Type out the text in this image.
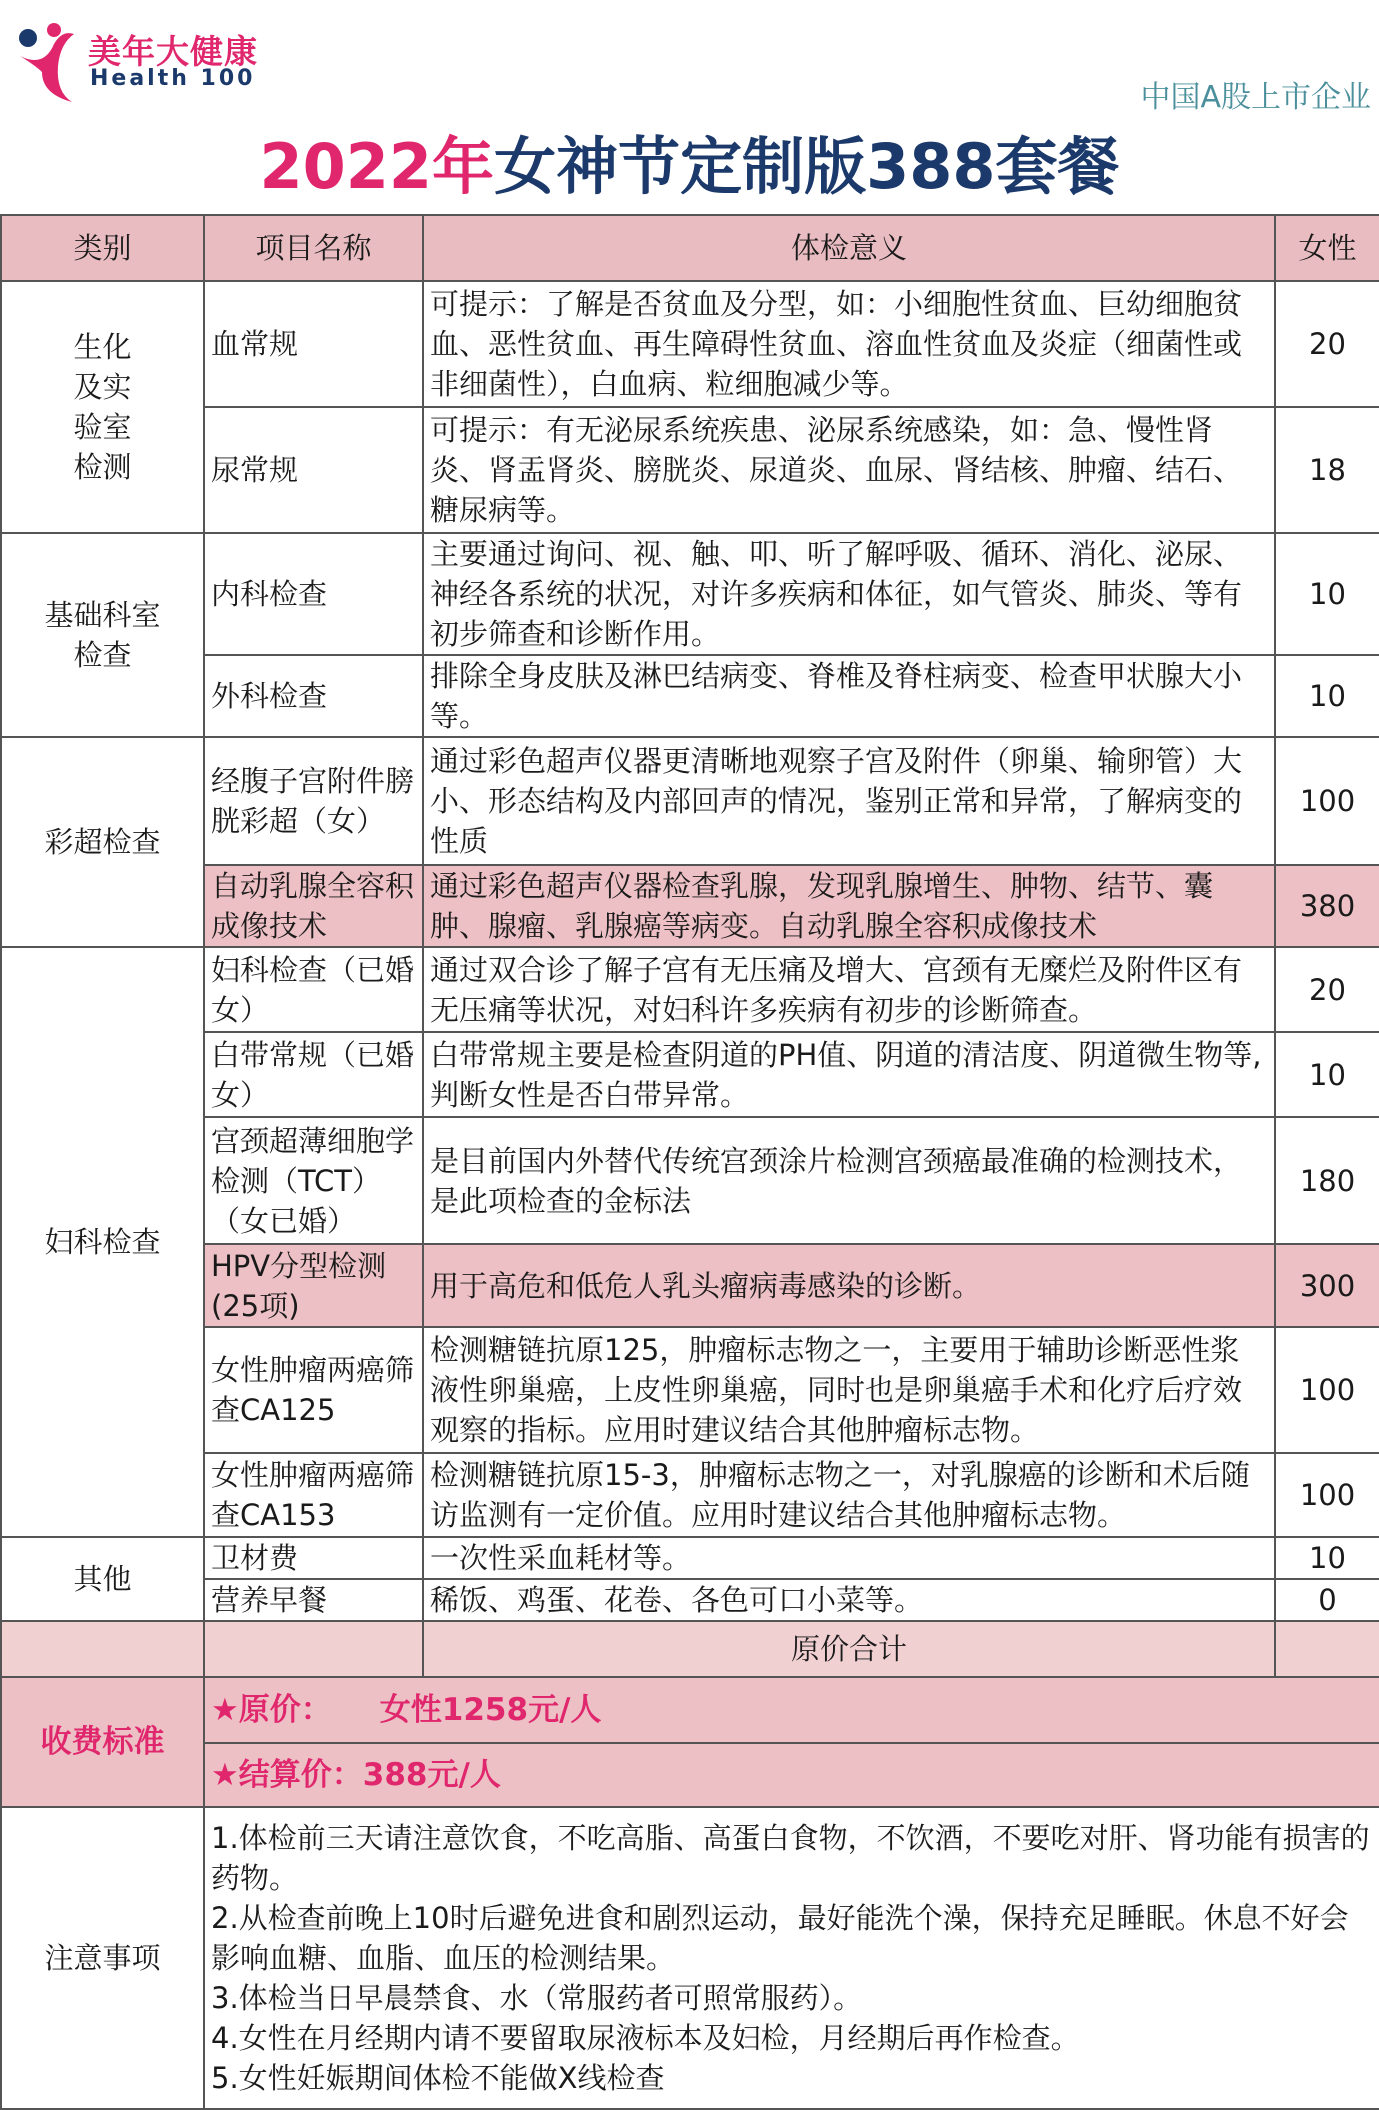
美年大健康
Health 100
中国A股上市企业
2022年女神节定制版388套餐
类别	项目名称	体检意义	女性
生化
及实
验室
检测	血常规	可提示：了解是否贫血及分型，如：小细胞性贫血、巨幼细胞贫血、恶性贫血、再生障碍性贫血、溶血性贫血及炎症（细菌性或非细菌性），白血病、粒细胞减少等。	20
	尿常规	可提示：有无泌尿系统疾患、泌尿系统感染，如：急、慢性肾炎、肾盂肾炎、膀胱炎、尿道炎、血尿、肾结核、肿瘤、结石、糖尿病等。	18
基础科室
检查	内科检查	主要通过询问、视、触、叩、听了解呼吸、循环、消化、泌尿、神经各系统的状况，对许多疾病和体征，如气管炎、肺炎、等有初步筛查和诊断作用。	10
	外科检查	排除全身皮肤及淋巴结病变、脊椎及脊柱病变、检查甲状腺大小等。	10
彩超检查	经腹子宫附件膀胱彩超（女）	通过彩色超声仪器更清晰地观察子宫及附件（卵巢、输卵管）大小、形态结构及内部回声的情况，鉴别正常和异常，了解病变的性质	100
	自动乳腺全容积成像技术	通过彩色超声仪器检查乳腺，发现乳腺增生、肿物、结节、囊肿、腺瘤、乳腺癌等病变。自动乳腺全容积成像技术	380
妇科检查	妇科检查（已婚女）	通过双合诊了解子宫有无压痛及增大、宫颈有无糜烂及附件区有无压痛等状况，对妇科许多疾病有初步的诊断筛查。	20
	白带常规（已婚女）	白带常规主要是检查阴道的PH值、阴道的清洁度、阴道微生物等,判断女性是否白带异常。	10
	宫颈超薄细胞学检测（TCT）（女已婚）	是目前国内外替代传统宫颈涂片检测宫颈癌最准确的检测技术，是此项检查的金标法	180
	HPV分型检测(25项)	用于高危和低危人乳头瘤病毒感染的诊断。	300
	女性肿瘤两癌筛查CA125	检测糖链抗原125，肿瘤标志物之一，主要用于辅助诊断恶性浆液性卵巢癌，上皮性卵巢癌，同时也是卵巢癌手术和化疗后疗效观察的指标。应用时建议结合其他肿瘤标志物。	100
	女性肿瘤两癌筛查CA153	检测糖链抗原15-3，肿瘤标志物之一，对乳腺癌的诊断和术后随访监测有一定价值。应用时建议结合其他肿瘤标志物。	100
其他	卫材费	一次性采血耗材等。	10
	营养早餐	稀饭、鸡蛋、花卷、各色可口小菜等。	0
		原价合计	
收费标准	★原价： 女性1258元/人		
	★结算价：388元/人		
注意事项	1.体检前三天请注意饮食，不吃高脂、高蛋白食物，不饮酒，不要吃对肝、肾功能有损害的药物。
2.从检查前晚上10时后避免进食和剧烈运动，最好能洗个澡，保持充足睡眠。休息不好会影响血糖、血脂、血压的检测结果。
3.体检当日早晨禁食、水（常服药者可照常服药）。
4.女性在月经期内请不要留取尿液标本及妇检，月经期后再作检查。
5.女性妊娠期间体检不能做X线检查		
